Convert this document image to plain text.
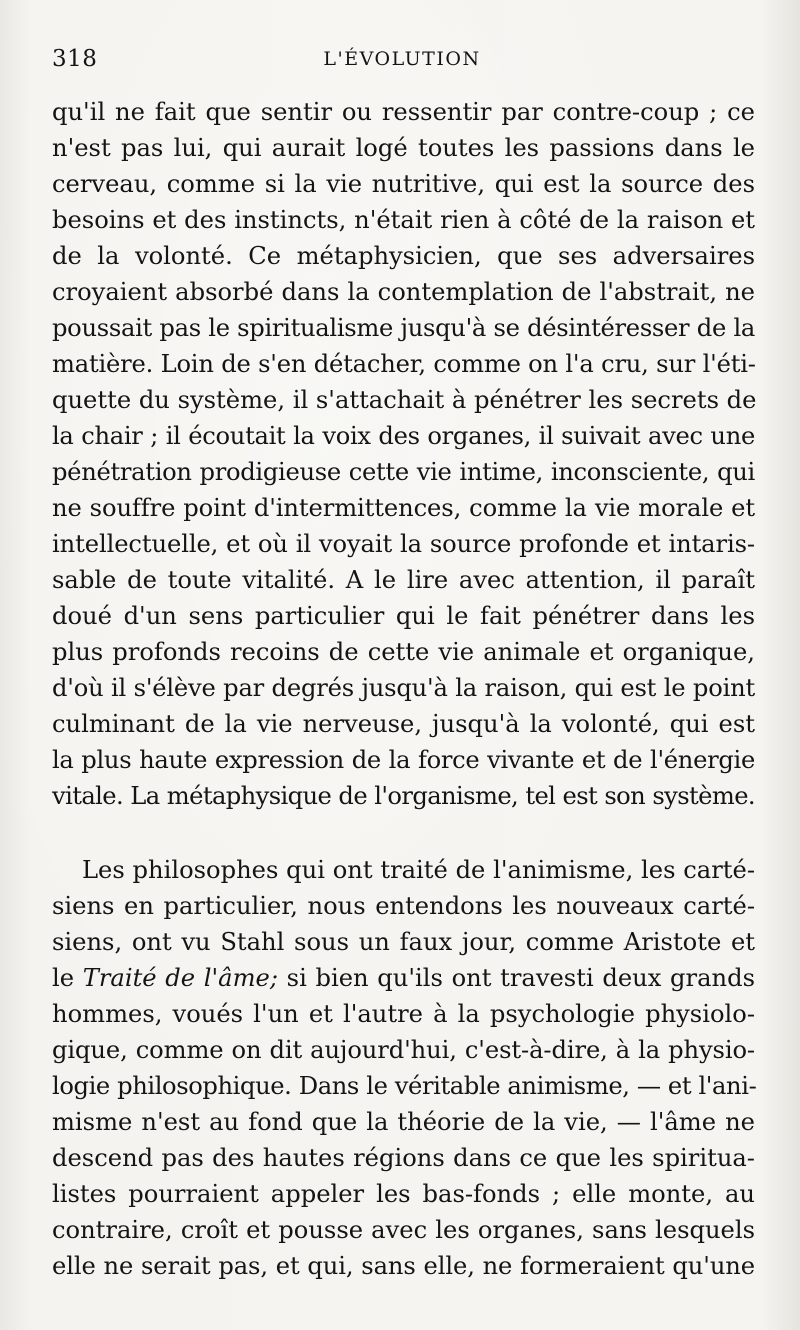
318	L'ÉVOLUTION
qu'il ne fait que sentir ou ressentir par contre-coup ; ce
n'est pas lui, qui aurait logé toutes les passions dans le
cerveau, comme si la vie nutritive, qui est la source des
besoins et des instincts, n'était rien à côté de la raison et
de la volonté. Ce métaphysicien, que ses adversaires
croyaient absorbé dans la contemplation de l'abstrait, ne
poussait pas le spiritualisme jusqu'à se désintéresser de la
matière. Loin de s'en détacher, comme on l'a cru, sur l'éti-
quette du système, il s'attachait à pénétrer les secrets de
la chair ; il écoutait la voix des organes, il suivait avec une
pénétration prodigieuse cette vie intime, inconsciente, qui
ne souffre point d'intermittences, comme la vie morale et
intellectuelle, et où il voyait la source profonde et intaris-
sable de toute vitalité. A le lire avec attention, il paraît
doué d'un sens particulier qui le fait pénétrer dans les
plus profonds recoins de cette vie animale et organique,
d'où il s'élève par degrés jusqu'à la raison, qui est le point
culminant de la vie nerveuse, jusqu'à la volonté, qui est
la plus haute expression de la force vivante et de l'énergie
vitale. La métaphysique de l'organisme, tel est son système.
Les philosophes qui ont traité de l'animisme, les carté-
siens en particulier, nous entendons les nouveaux carté-
siens, ont vu Stahl sous un faux jour, comme Aristote et
le Traité de l'âme; si bien qu'ils ont travesti deux grands
hommes, voués l'un et l'autre à la psychologie physiolo-
gique, comme on dit aujourd'hui, c'est-à-dire, à la physio-
logie philosophique. Dans le véritable animisme, — et l'ani-
misme n'est au fond que la théorie de la vie, — l'âme ne
descend pas des hautes régions dans ce que les spiritua-
listes pourraient appeler les bas-fonds ; elle monte, au
contraire, croît et pousse avec les organes, sans lesquels
elle ne serait pas, et qui, sans elle, ne formeraient qu'une
